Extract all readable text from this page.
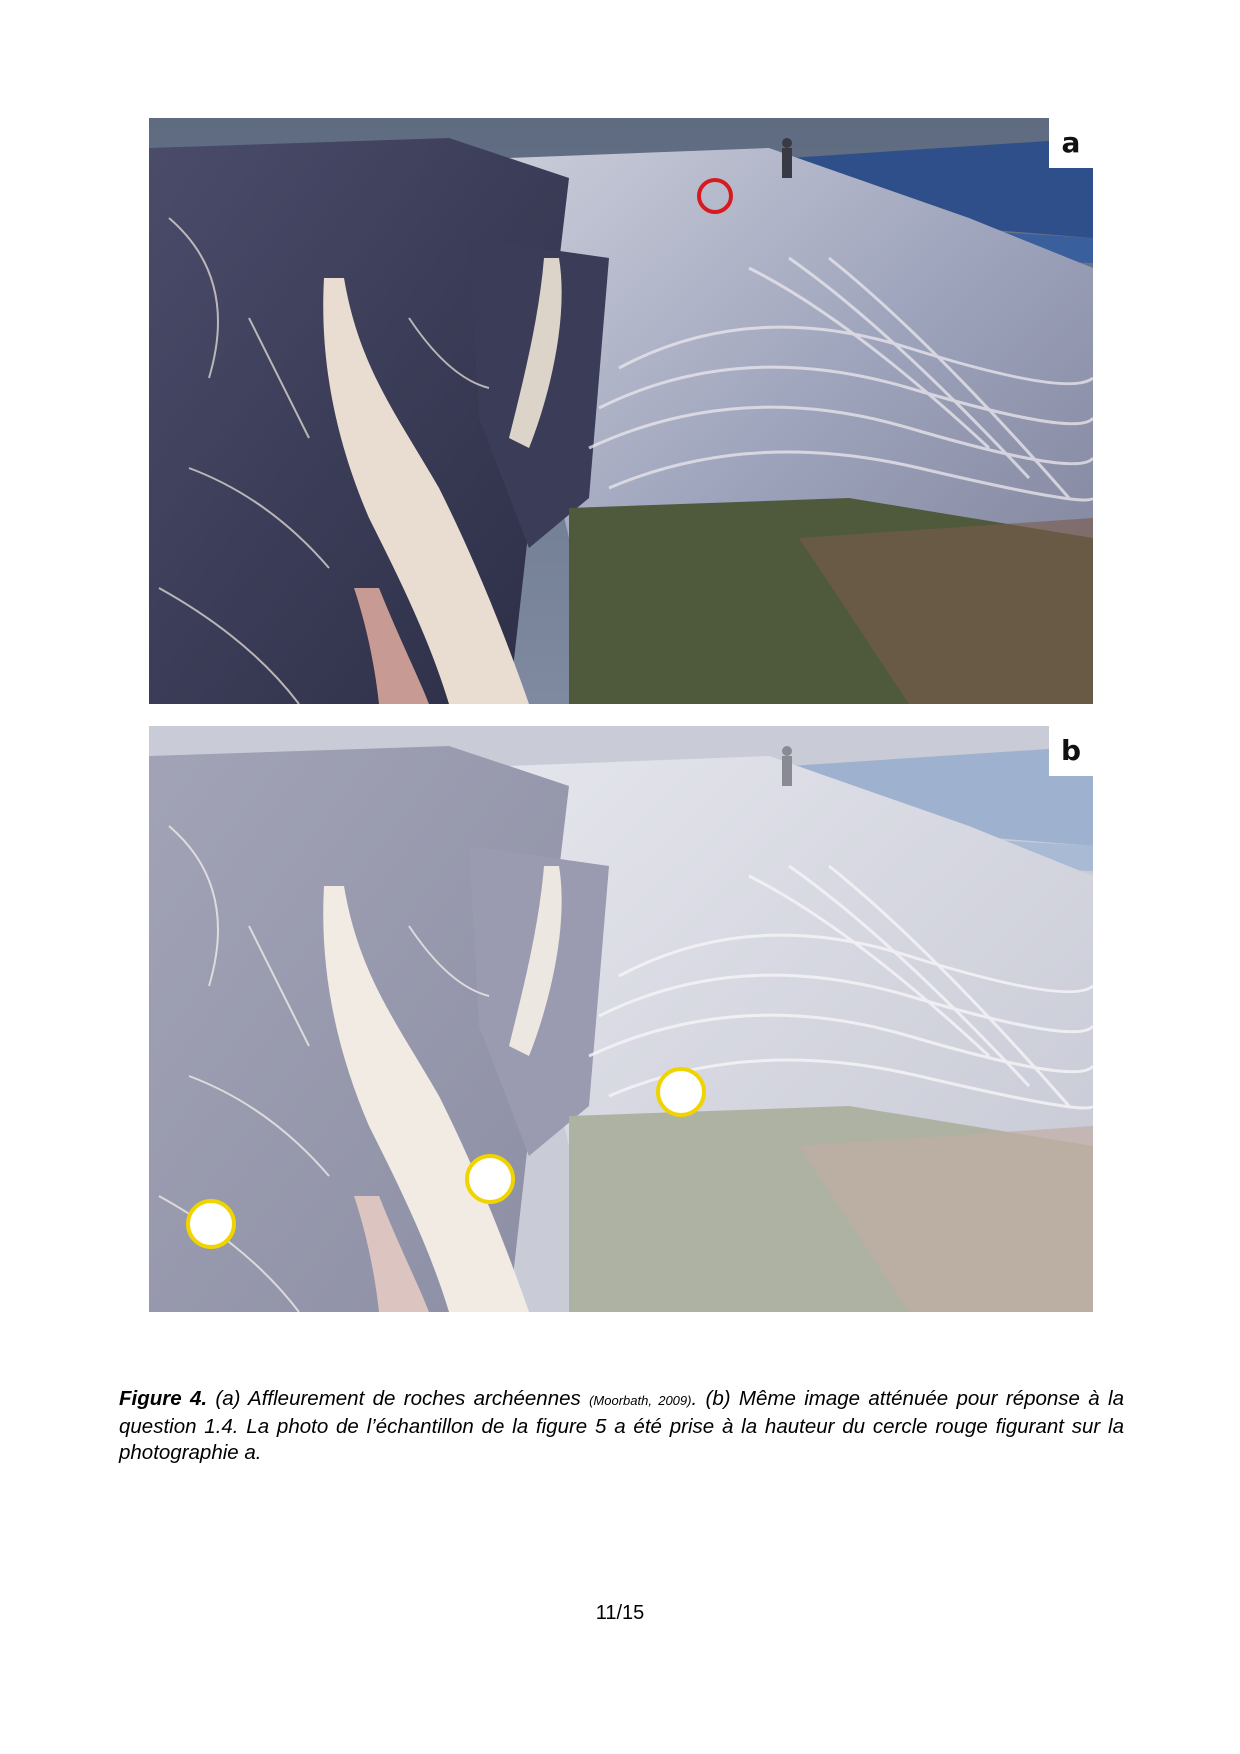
a
b

Figure 4. (a) Affleurement de roches archéennes (Moorbath, 2009). (b) Même image atténuée pour réponse à la question 1.4. La photo de l’échantillon de la figure 5 a été prise à la hauteur du cercle rouge figurant sur la photographie a.

11/15
